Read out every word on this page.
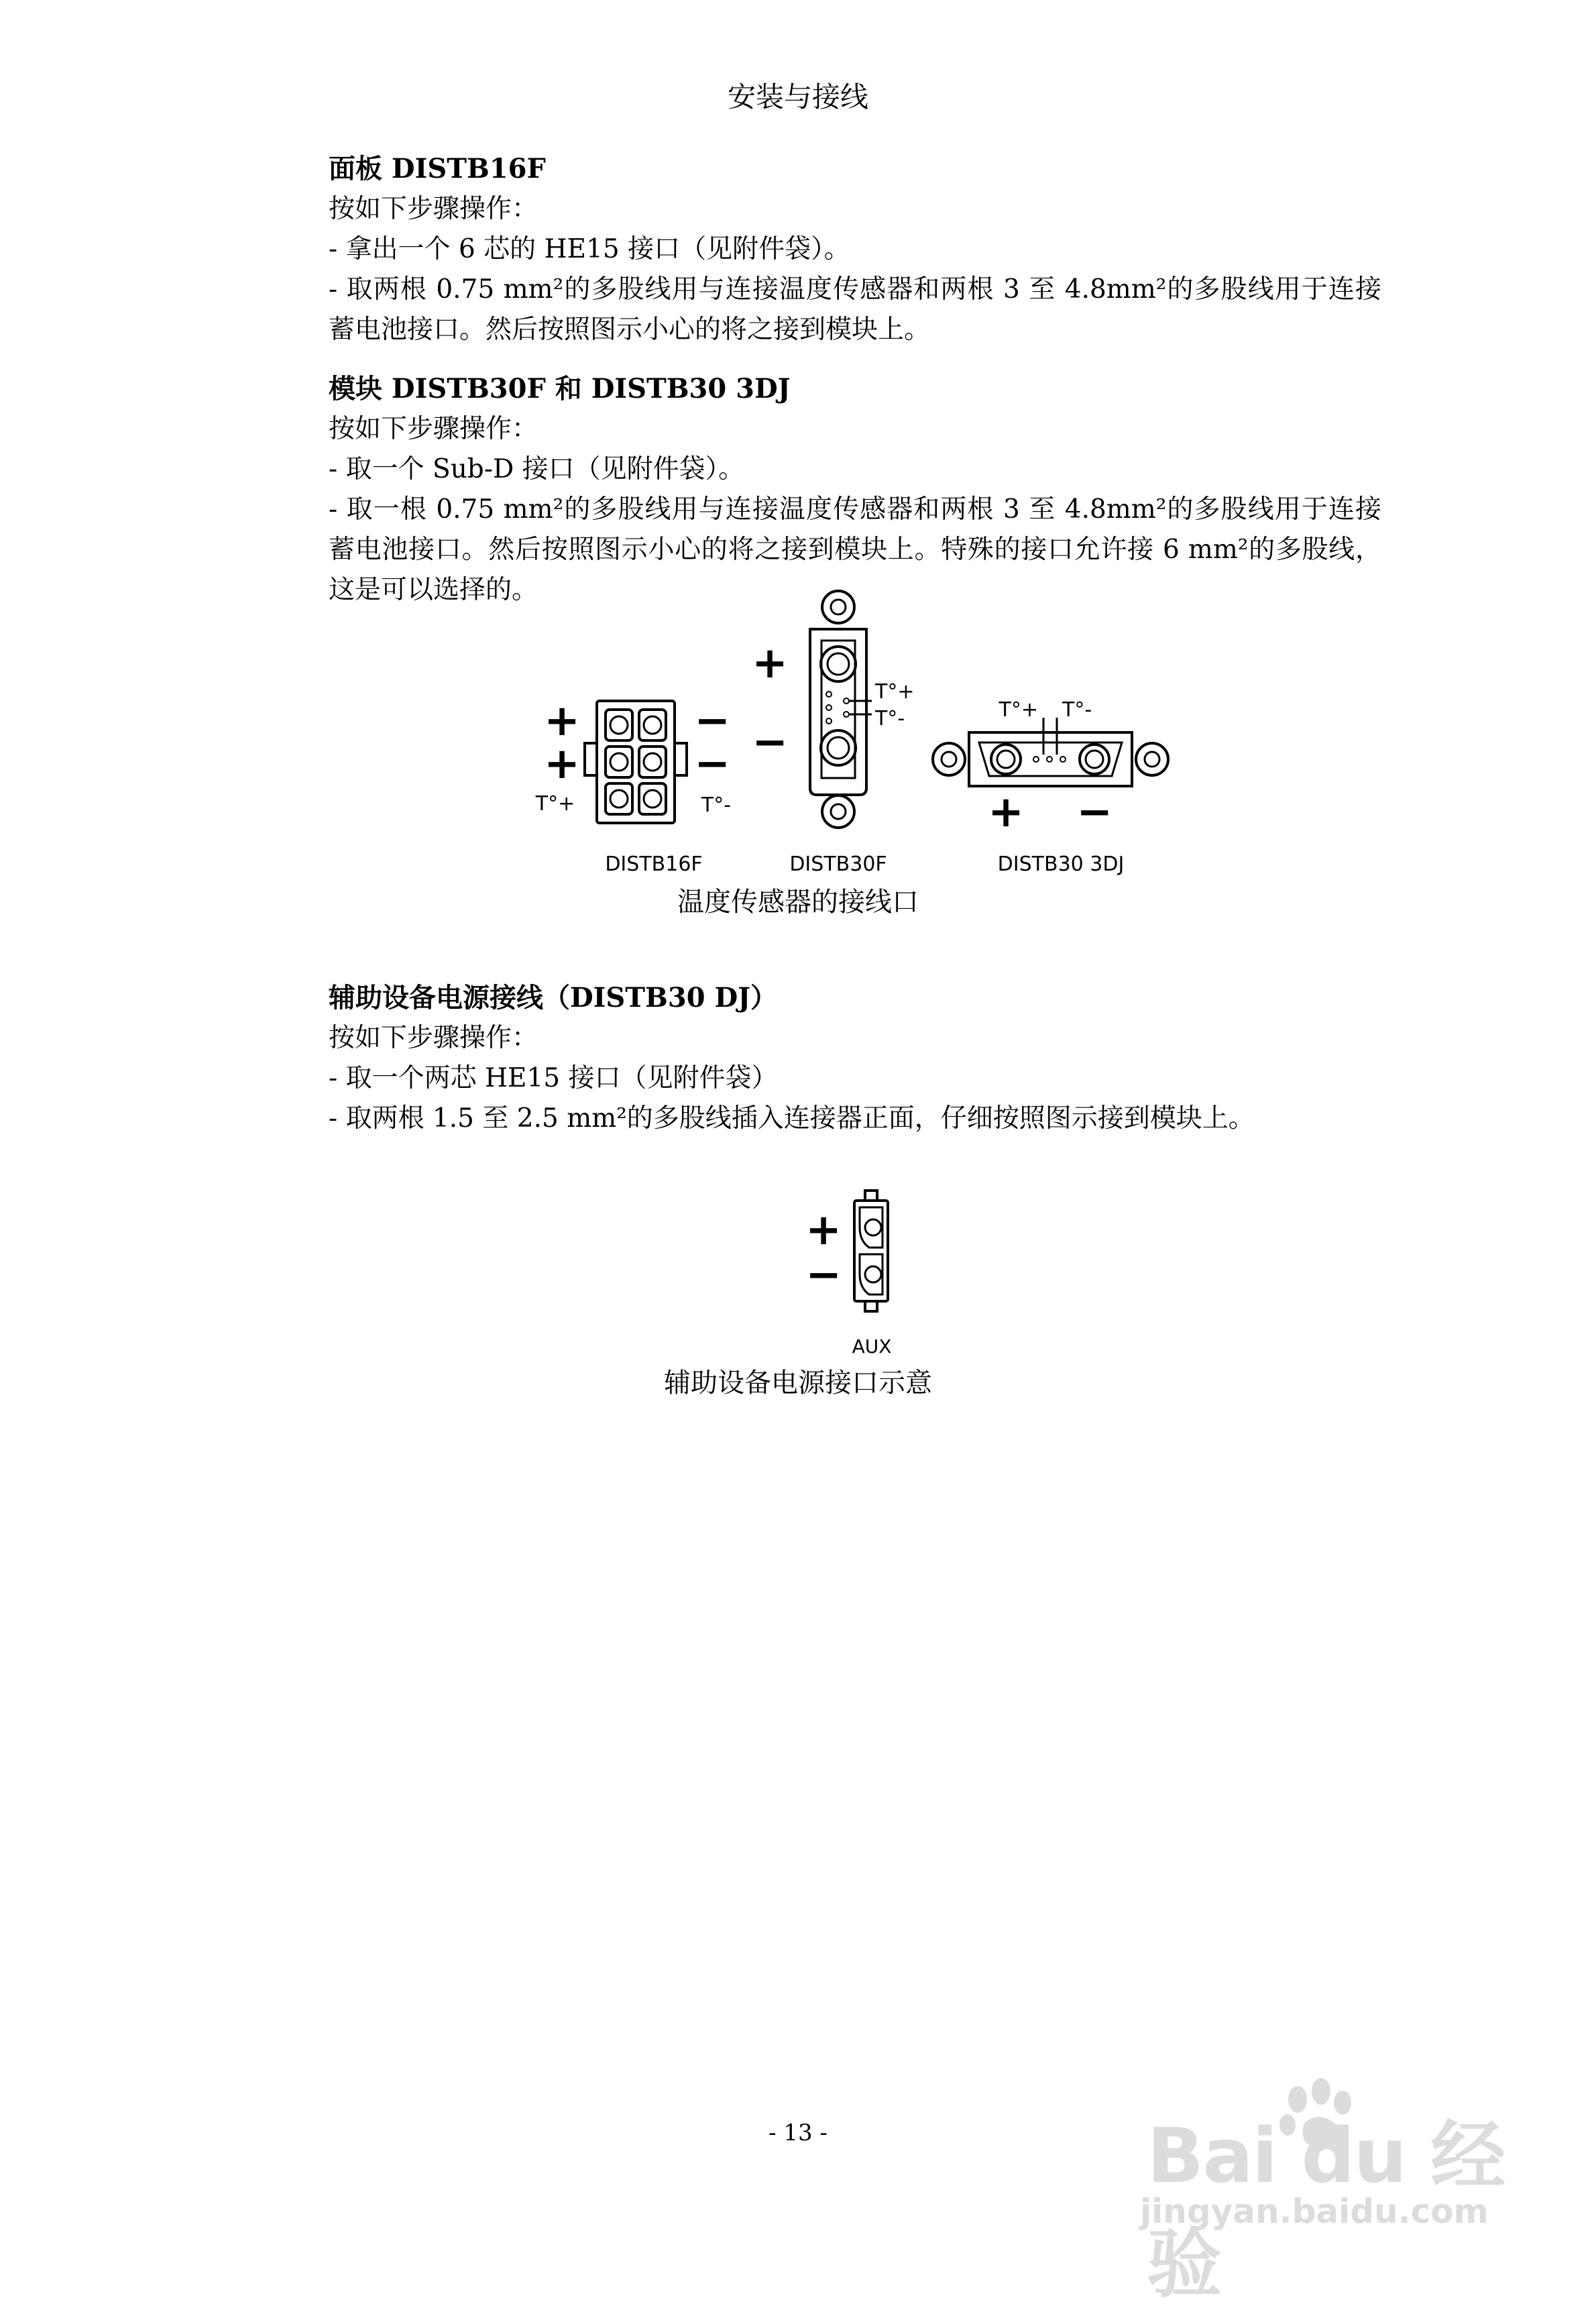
安装与接线
面板 DISTB16F

按如下步骤操作：

- 拿出一个 6 芯的 HE15 接口（见附件袋）。

- 取两根 0.75 mm²的多股线用与连接温度传感器和两根 3 至 4.8mm²的多股线用于连接蓄电池接口。然后按照图示小心的将之接到模块上。

模块 DISTB30F 和 DISTB30 3DJ

按如下步骤操作：

- 取一个 Sub-D 接口（见附件袋）。

- 取一根 0.75 mm²的多股线用与连接温度传感器和两根 3 至 4.8mm²的多股线用于连接蓄电池接口。然后按照图示小心的将之接到模块上。特殊的接口允许接 6 mm²的多股线，这是可以选择的。

+
+
−
−
T°+	T°-
DISTB16F
+
−
T°+
T°-
DISTB30F
T°+ T°-
+ −
DISTB30 3DJ
温度传感器的接线口
辅助设备电源接线（DISTB30 DJ）

按如下步骤操作：

- 取一个两芯 HE15 接口（见附件袋）

- 取两根 1.5 至 2.5 mm²的多股线插入连接器正面，仔细按照图示接到模块上。

+
−
AUX
辅助设备电源接口示意
- 13 -	Bai du 经验
jingyan.baidu.com
